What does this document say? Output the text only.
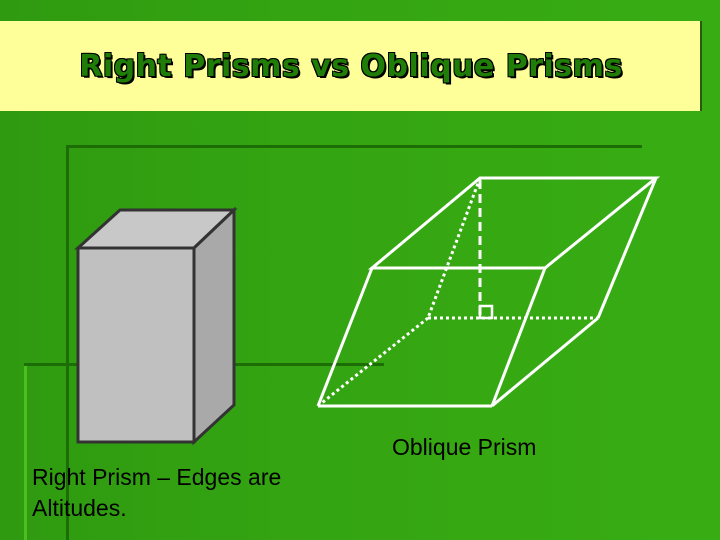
Right Prisms vs Oblique Prisms
Right Prism – Edges are Altitudes.
Oblique Prism
